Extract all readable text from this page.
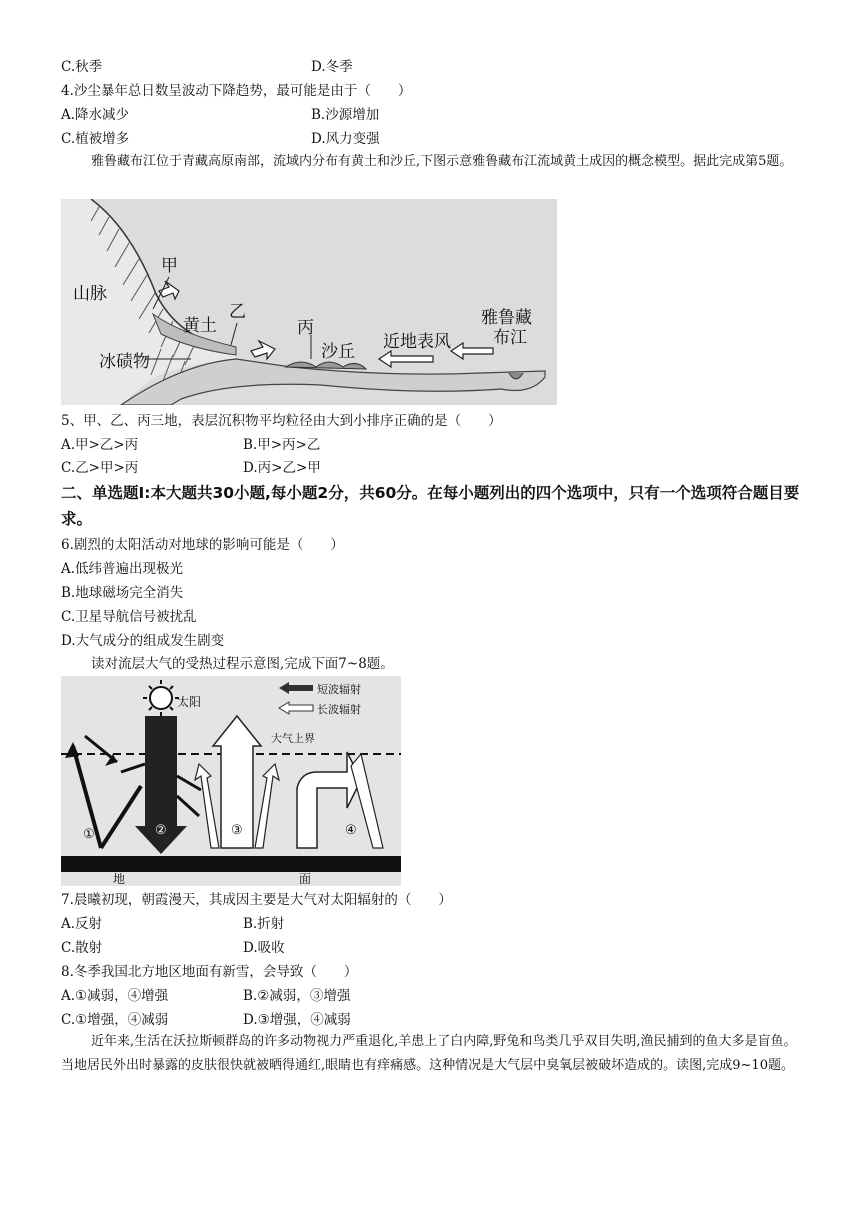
C.秋季	D.冬季
4.沙尘暴年总日数呈波动下降趋势，最可能是由于（　　）
A.降水减少	B.沙源增加
C.植被增多	D.风力变强
雅鲁藏布江位于青藏高原南部，流域内分布有黄土和沙丘,下图示意雅鲁藏布江流域黄土成因的概念模型。据此完成第5题。
山脉
甲
乙
黄土
冰碛物
丙
沙丘 近地表风
雅鲁藏
布江
5、甲、乙、丙三地，表层沉积物平均粒径由大到小排序正确的是（　　）
A.甲>乙>丙	B.甲>丙>乙
C.乙>甲>丙	D.丙>乙>甲
二、单选题Ⅰ:本大题共30小题,每小题2分，共60分。在每小题列出的四个选项中，只有一个选项符合题目要求。
6.剧烈的太阳活动对地球的影响可能是（　　）
A.低纬普遍出现极光
B.地球磁场完全消失
C.卫星导航信号被扰乱
D.大气成分的组成发生剧变
读对流层大气的受热过程示意图,完成下面7~8题。
太阳
短波辐射
长波辐射
大气上界
地	面
①	②	③	④
7.晨曦初现，朝霞漫天，其成因主要是大气对太阳辐射的（　　）
A.反射	B.折射
C.散射	D.吸收
8.冬季我国北方地区地面有新雪，会导致（　　）
A.①减弱，④增强	B.②减弱，③增强
C.①增强，④减弱	D.③增强，④减弱
近年来,生活在沃拉斯顿群岛的许多动物视力严重退化,羊患上了白内障,野兔和鸟类几乎双目失明,渔民捕到的鱼大多是盲鱼。当地居民外出时暴露的皮肤很快就被晒得通红,眼睛也有痒痛感。这种情况是大气层中臭氧层被破坏造成的。读图,完成9~10题。
